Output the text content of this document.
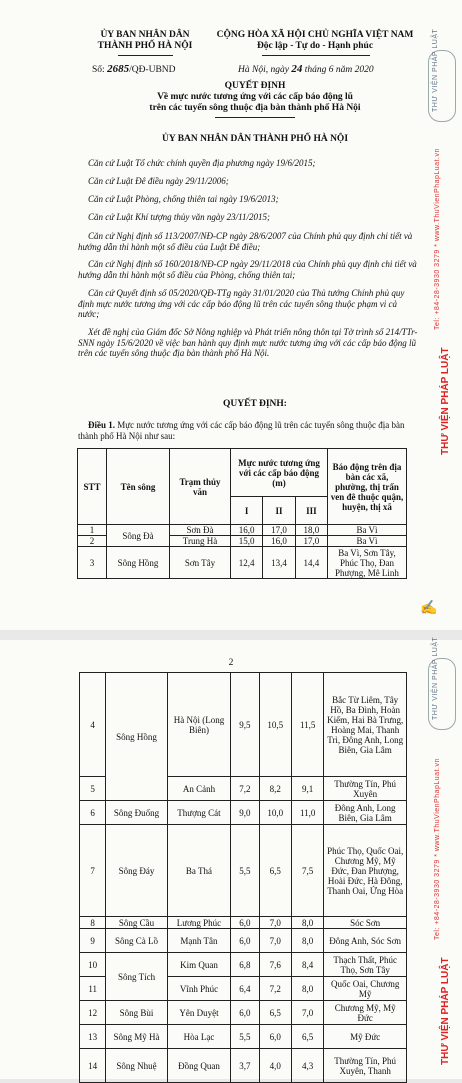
ỦY BAN NHÂN DÂN
THÀNH PHỐ HÀ NỘI
CỘNG HÒA XÃ HỘI CHỦ NGHĨA VIỆT NAM
Độc lập - Tự do - Hạnh phúc
Số: 2685/QĐ-UBND	Hà Nội, ngày 24 tháng 6 năm 2020
QUYẾT ĐỊNH
Về mực nước tương ứng với các cấp báo động lũ
trên các tuyến sông thuộc địa bàn thành phố Hà Nội
ỦY BAN NHÂN DÂN THÀNH PHỐ HÀ NỘI
Căn cứ Luật Tổ chức chính quyền địa phương ngày 19/6/2015;
Căn cứ Luật Đê điều ngày 29/11/2006;
Căn cứ Luật Phòng, chống thiên tai ngày 19/6/2013;
Căn cứ Luật Khí tượng thủy văn ngày 23/11/2015;
Căn cứ Nghị định số 113/2007/NĐ-CP ngày 28/6/2007 của Chính phủ quy định chi tiết và hướng dẫn thi hành một số điều của Luật Đê điều;
Căn cứ Nghị định số 160/2018/NĐ-CP ngày 29/11/2018 của Chính phủ quy định chi tiết và hướng dẫn thi hành một số điều của Phòng, chống thiên tai;
Căn cứ Quyết định số 05/2020/QĐ-TTg ngày 31/01/2020 của Thủ tướng Chính phủ quy định mực nước tương ứng với các cấp báo động lũ trên các tuyến sông thuộc phạm vi cả nước;
Xét đề nghị của Giám đốc Sở Nông nghiệp và Phát triển nông thôn tại Tờ trình số 214/TTr-SNN ngày 15/6/2020 về việc ban hành quy định mực nước tương ứng với các cấp báo động lũ trên các tuyến sông thuộc địa bàn thành phố Hà Nội.
QUYẾT ĐỊNH:
Điều 1. Mực nước tương ứng với các cấp báo động lũ trên các tuyến sông thuộc địa bàn thành phố Hà Nội như sau:
STT	Tên sông	Trạm thủy văn	Mực nước tương ứng với các cấp báo động (m)			Báo động trên địa bàn các xã, phường, thị trấn ven đê thuộc quận, huyện, thị xã
			I	II	III	
1	Sông Đà	Sơn Đà	16,0	17,0	18,0	Ba Vì
2		Trung Hà	15,0	16,0	17,0	Ba Vì
3	Sông Hồng	Sơn Tây	12,4	13,4	14,4	Ba Vì, Sơn Tây, Phúc Thọ, Đan Phượng, Mê Linh
✍
THƯ VIỆN PHÁP LUẬT
Tel: +84-28-3930 3279 * www.ThuVienPhapLuat.vn
THƯ VIỆN PHÁP LUẬT
2
4	Sông Hồng	Hà Nội (Long Biên)	9,5	10,5	11,5	Bắc Từ Liêm, Tây Hồ, Ba Đình, Hoàn Kiếm, Hai Bà Trưng, Hoàng Mai, Thanh Trì, Đông Anh, Long Biên, Gia Lâm
5		An Cảnh	7,2	8,2	9,1	Thường Tín, Phú Xuyên
6	Sông Đuống	Thượng Cát	9,0	10,0	11,0	Đông Anh, Long Biên, Gia Lâm
7	Sông Đáy	Ba Thá	5,5	6,5	7,5	Phúc Thọ, Quốc Oai, Chương Mỹ, Mỹ Đức, Đan Phượng, Hoài Đức, Hà Đông, Thanh Oai, Ứng Hòa
8	Sông Cầu	Lương Phúc	6,0	7,0	8,0	Sóc Sơn
9	Sông Cà Lồ	Mạnh Tân	6,0	7,0	8,0	Đông Anh, Sóc Sơn
10	Sông Tích	Kim Quan	6,8	7,6	8,4	Thạch Thất, Phúc Thọ, Sơn Tây
11		Vĩnh Phúc	6,4	7,2	8,0	Quốc Oai, Chương Mỹ
12	Sông Bùi	Yên Duyệt	6,0	6,5	7,0	Chương Mỹ, Mỹ Đức
13	Sông Mỹ Hà	Hòa Lạc	5,5	6,0	6,5	Mỹ Đức
14	Sông Nhuệ	Đồng Quan	3,7	4,0	4,3	Thường Tín, Phú Xuyên, Thanh
THƯ VIỆN PHÁP LUẬT
Tel: +84-28-3930 3279 * www.ThuVienPhapLuat.vn
THƯ VIỆN PHÁP LUẬT
